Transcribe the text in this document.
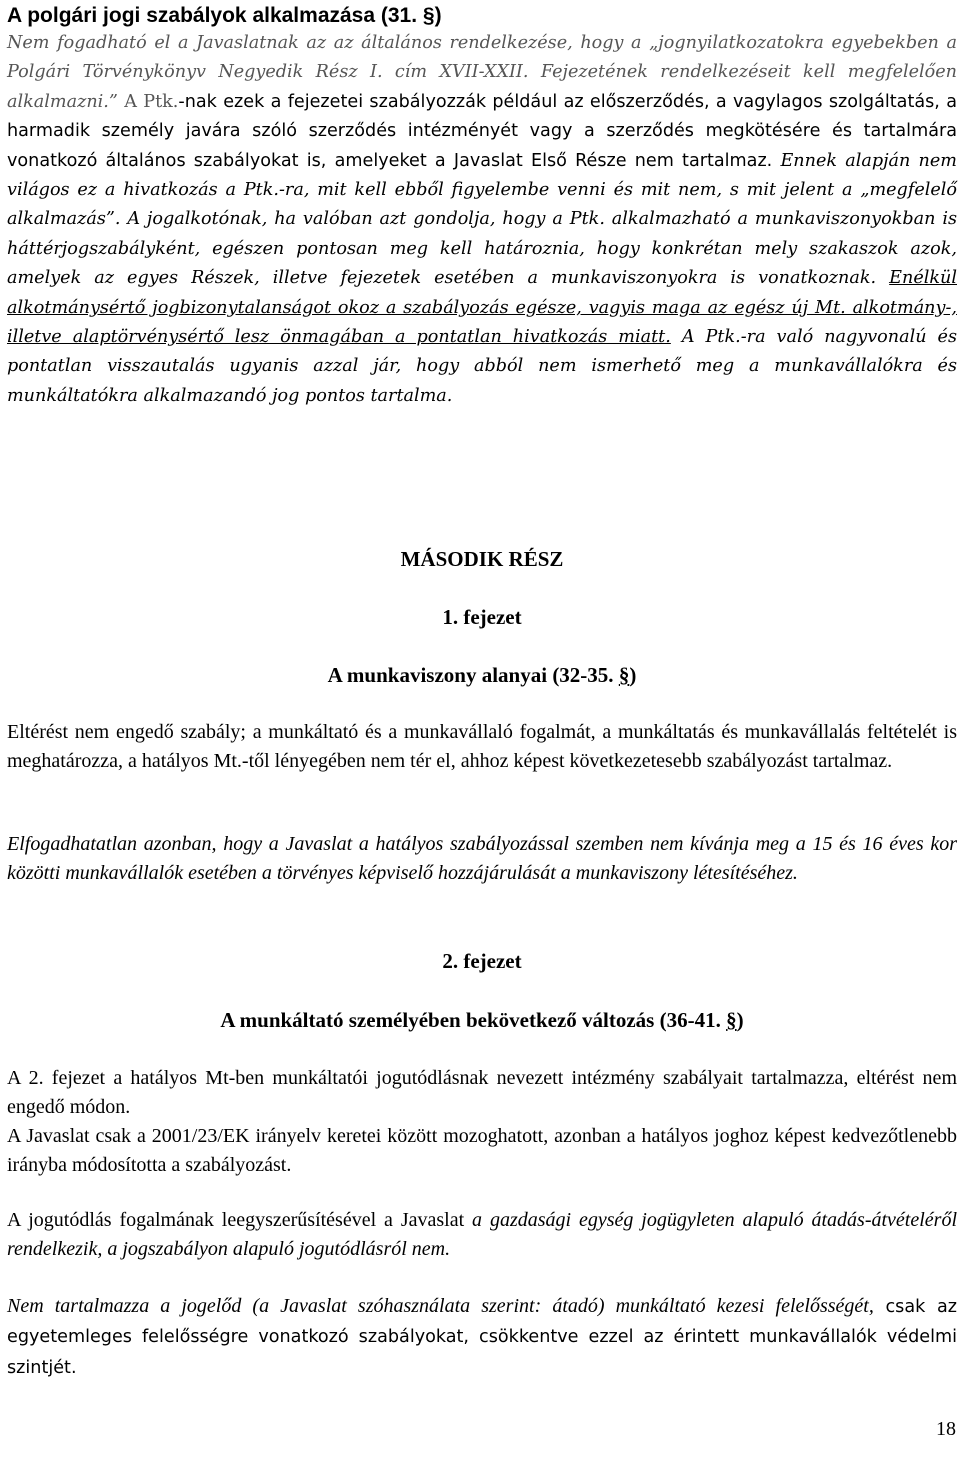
A polgári jogi szabályok alkalmazása (31. §)

Nem fogadható el a Javaslatnak az az általános rendelkezése, hogy a „jognyilatkozatokra egyebekben a Polgári Törvénykönyv Negyedik Rész I. cím XVII-XXII. Fejezetének rendelkezéseit kell megfelelően alkalmazni.” A Ptk.-nak ezek a fejezetei szabályozzák például az előszerződés, a vagylagos szolgáltatás, a harmadik személy javára szóló szerződés intézményét vagy a szerződés megkötésére és tartalmára vonatkozó általános szabályokat is, amelyeket a Javaslat Első Része nem tartalmaz. Ennek alapján nem világos ez a hivatkozás a Ptk.-ra, mit kell ebből figyelembe venni és mit nem, s mit jelent a „megfelelő alkalmazás”. A jogalkotónak, ha valóban azt gondolja, hogy a Ptk. alkalmazható a munkaviszonyokban is háttérjogszabályként, egészen pontosan meg kell határoznia, hogy konkrétan mely szakaszok azok, amelyek az egyes Részek, illetve fejezetek esetében a munkaviszonyokra is vonatkoznak. Enélkül alkotmánysértő jogbizonytalanságot okoz a szabályozás egésze, vagyis maga az egész új Mt. alkotmány-, illetve alaptörvénysértő lesz önmagában a pontatlan hivatkozás miatt. A Ptk.-ra való nagyvonalú és pontatlan visszautalás ugyanis azzal jár, hogy abból nem ismerhető meg a munkavállalókra és munkáltatókra alkalmazandó jog pontos tartalma.

MÁSODIK RÉSZ

1. fejezet

A munkaviszony alanyai (32-35. §)

Eltérést nem engedő szabály; a munkáltató és a munkavállaló fogalmát, a munkáltatás és munkavállalás feltételét is meghatározza, a hatályos Mt.-től lényegében nem tér el, ahhoz képest következetesebb szabályozást tartalmaz.

Elfogadhatatlan azonban, hogy a Javaslat a hatályos szabályozással szemben nem kívánja meg a 15 és 16 éves kor közötti munkavállalók esetében a törvényes képviselő hozzájárulását a munkaviszony létesítéséhez.

2. fejezet

A munkáltató személyében bekövetkező változás (36-41. §)

A 2. fejezet a hatályos Mt-ben munkáltatói jogutódlásnak nevezett intézmény szabályait tartalmazza, eltérést nem engedő módon.

A Javaslat csak a 2001/23/EK irányelv keretei között mozoghatott, azonban a hatályos joghoz képest kedvezőtlenebb irányba módosította a szabályozást.

A jogutódlás fogalmának leegyszerűsítésével a Javaslat a gazdasági egység jogügyleten alapuló átadás-átvételéről rendelkezik, a jogszabályon alapuló jogutódlásról nem.

Nem tartalmazza a jogelőd (a Javaslat szóhasználata szerint: átadó) munkáltató kezesi felelősségét, csak az egyetemleges felelősségre vonatkozó szabályokat, csökkentve ezzel az érintett munkavállalók védelmi szintjét.

18
